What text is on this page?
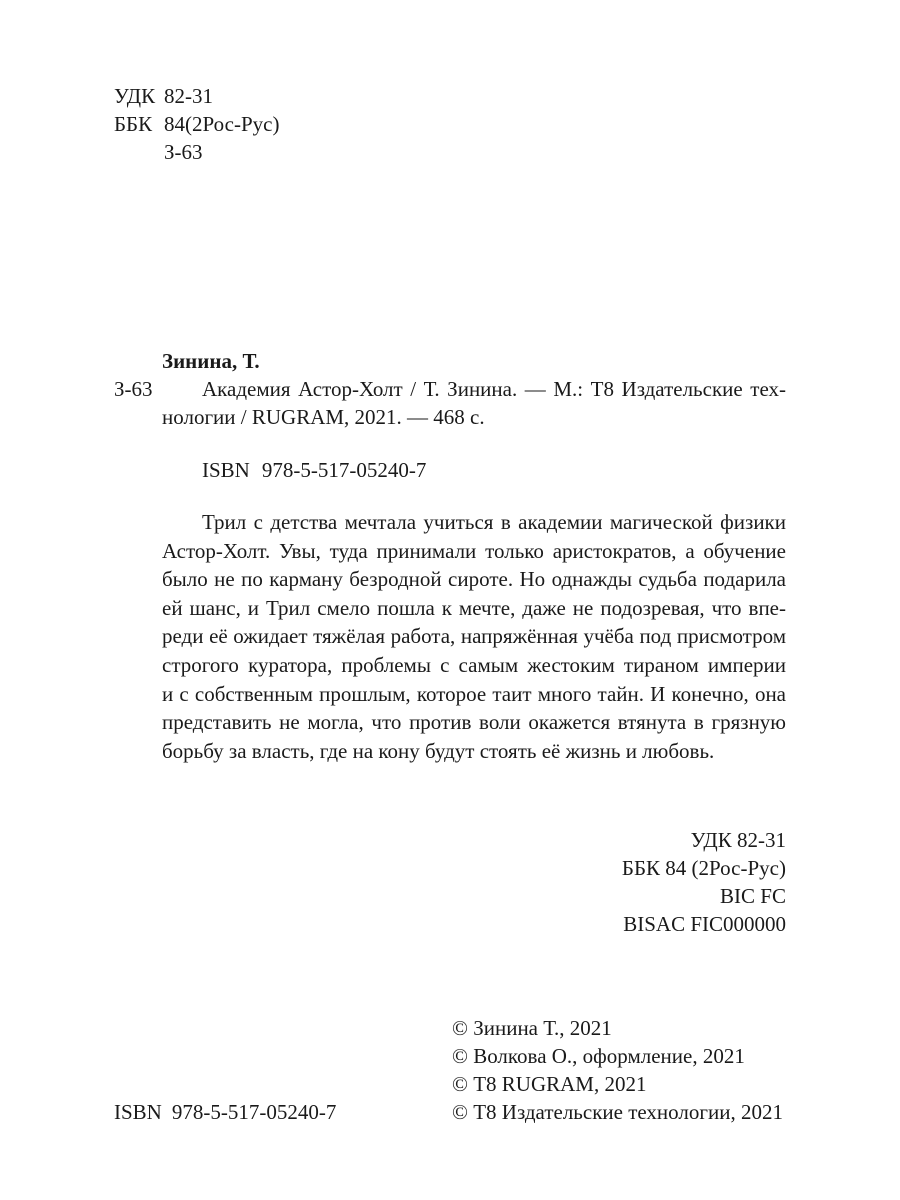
УДК 82-31
ББК 84(2Рос-Рус)
З-63
Зинина, Т.
З-63	Академия Астор-Холт / Т. Зинина. — М.: Т8 Издательские тех-
нологии / RUGRAM, 2021. — 468 с.
ISBN 978-5-517-05240-7
Трил с детства мечтала учиться в академии магической физики
Астор-Холт. Увы, туда принимали только аристократов, а обучение
было не по карману безродной сироте. Но однажды судьба подарила
ей шанс, и Трил смело пошла к мечте, даже не подозревая, что впе-
реди её ожидает тяжёлая работа, напряжённая учёба под присмотром
строгого куратора, проблемы с самым жестоким тираном империи
и с собственным прошлым, которое таит много тайн. И конечно, она
представить не могла, что против воли окажется втянута в грязную
борьбу за власть, где на кону будут стоять её жизнь и любовь.
УДК 82-31
ББК 84 (2Рос-Рус)
BIC FC
BISAC FIC000000
© Зинина Т., 2021
© Волкова О., оформление, 2021
© Т8 RUGRAM, 2021
© Т8 Издательские технологии, 2021
ISBN 978-5-517-05240-7
